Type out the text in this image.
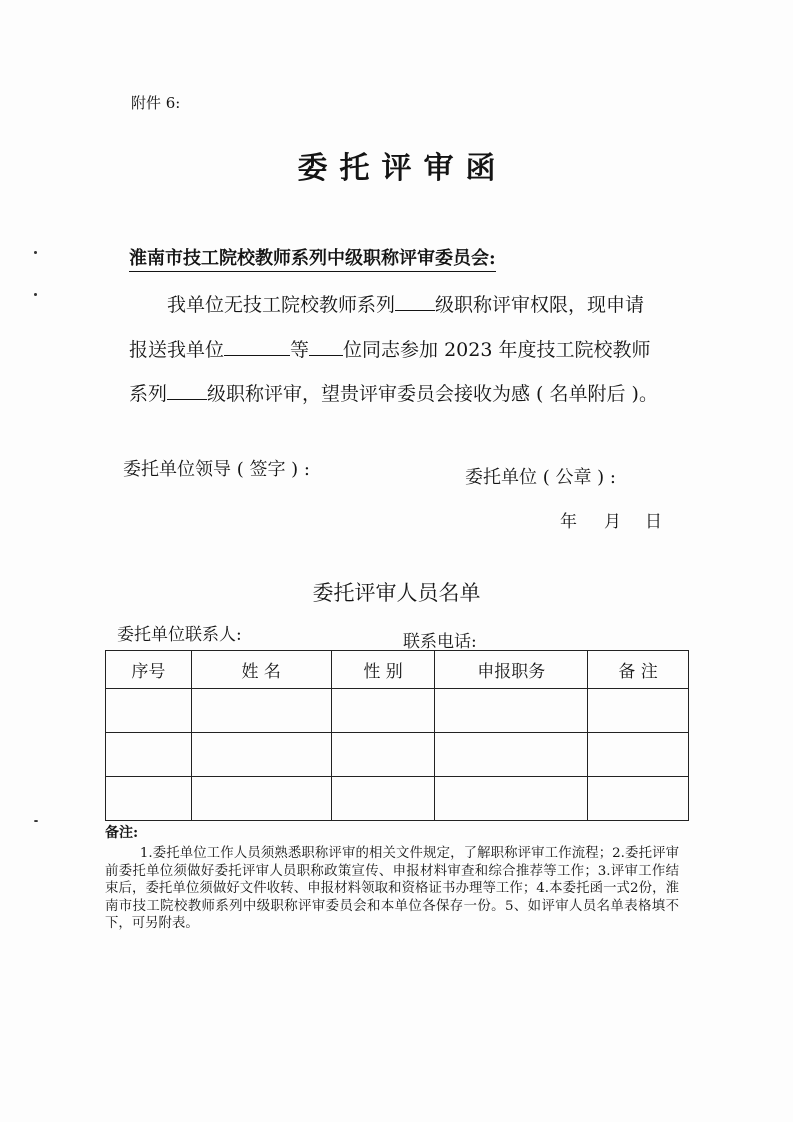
附件 6:
委托评审函
淮南市技工院校教师系列中级职称评审委员会:
我单位无技工院校教师系列 级职称评审权限，现申请
报送我单位	等 位同志参加 2023 年度技工院校教师
系列 级职称评审，望贵评审委员会接收为感 ( 名单附后 )。
委托单位领导 ( 签字 ) :	委托单位 ( 公章 ) :
年 月 日
委托评审人员名单
委托单位联系人:	联系电话:
序号	姓 名	性 别	申报职务	备 注

备注:
1.委托单位工作人员须熟悉职称评审的相关文件规定，了解职称评审工作流程；2.委托评审前委托单位须做好委托评审人员职称政策宣传、申报材料审查和综合推荐等工作；3.评审工作结束后，委托单位须做好文件收转、申报材料领取和资格证书办理等工作；4.本委托函一式2份，淮南市技工院校教师系列中级职称评审委员会和本单位各保存一份。5、如评审人员名单表格填不下，可另附表。
